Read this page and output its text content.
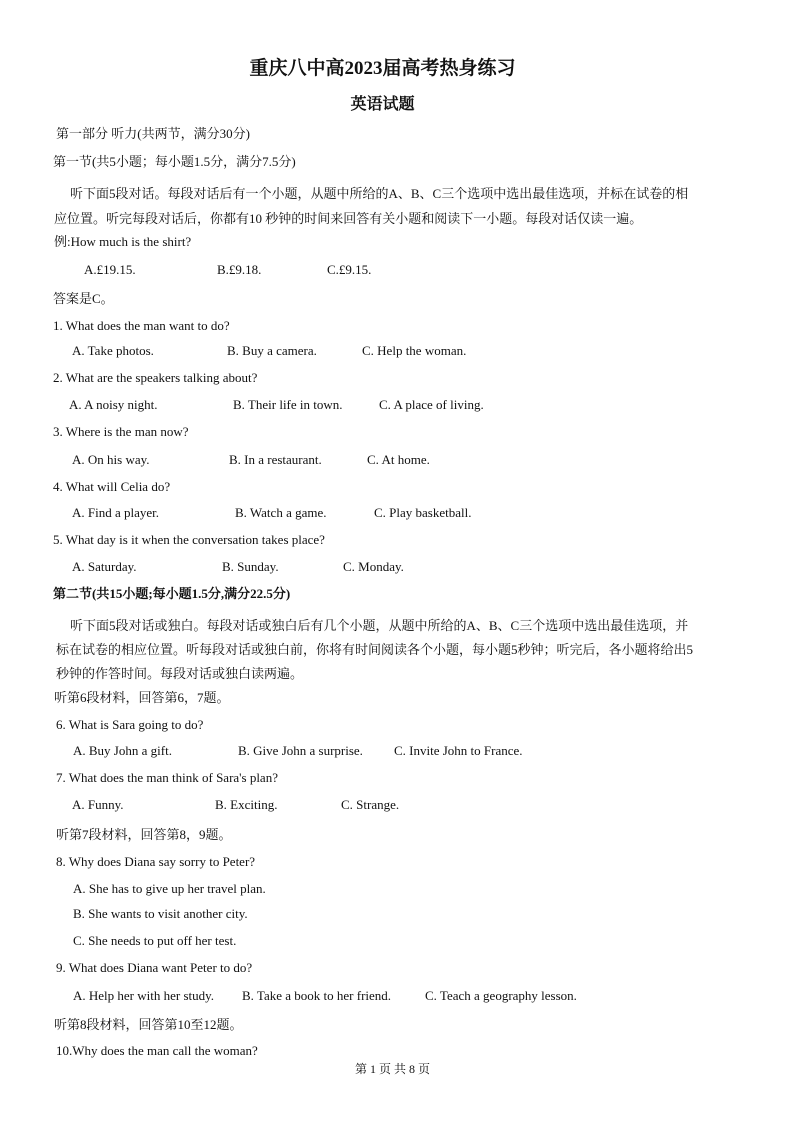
重庆八中高2023届高考热身练习
英语试题
第一部分 听力(共两节，满分30分)
第一节(共5小题；每小题1.5分，满分7.5分)
听下面5段对话。每段对话后有一个小题，从题中所给的A、B、C三个选项中选出最佳选项，并标在试卷的相
应位置。听完每段对话后，你都有10 秒钟的时间来回答有关小题和阅读下一小题。每段对话仅读一遍。
例:How much is the shirt?
A.£19.15.	B.£9.18.	C.£9.15.
答案是C。
1. What does the man want to do?
A. Take photos.	B. Buy a camera.	C. Help the woman.
2. What are the speakers talking about?
A. A noisy night.	B. Their life in town.	C. A place of living.
3. Where is the man now?
A. On his way.	B. In a restaurant.	C. At home.
4. What will Celia do?
A. Find a player.	B. Watch a game.	C. Play basketball.
5. What day is it when the conversation takes place?
A. Saturday.	B. Sunday.	C. Monday.
第二节(共15小题;每小题1.5分,满分22.5分)
听下面5段对话或独白。每段对话或独白后有几个小题，从题中所给的A、B、C三个选项中选出最佳选项，并
标在试卷的相应位置。听每段对话或独白前，你将有时间阅读各个小题，每小题5秒钟；听完后，各小题将给出5
秒钟的作答时间。每段对话或独白读两遍。
听第6段材料，回答第6，7题。
6. What is Sara going to do?
A. Buy John a gift.	B. Give John a surprise. C. Invite John to France.
7. What does the man think of Sara's plan?
A. Funny.	B. Exciting.	C. Strange.
听第7段材料，回答第8，9题。
8. Why does Diana say sorry to Peter?
A. She has to give up her travel plan.
B. She wants to visit another city.
C. She needs to put off her test.
9. What does Diana want Peter to do?
A. Help her with her study. B. Take a book to her friend.	C. Teach a geography lesson.
听第8段材料，回答第10至12题。
10.Why does the man call the woman?
第 1 页 共 8 页
